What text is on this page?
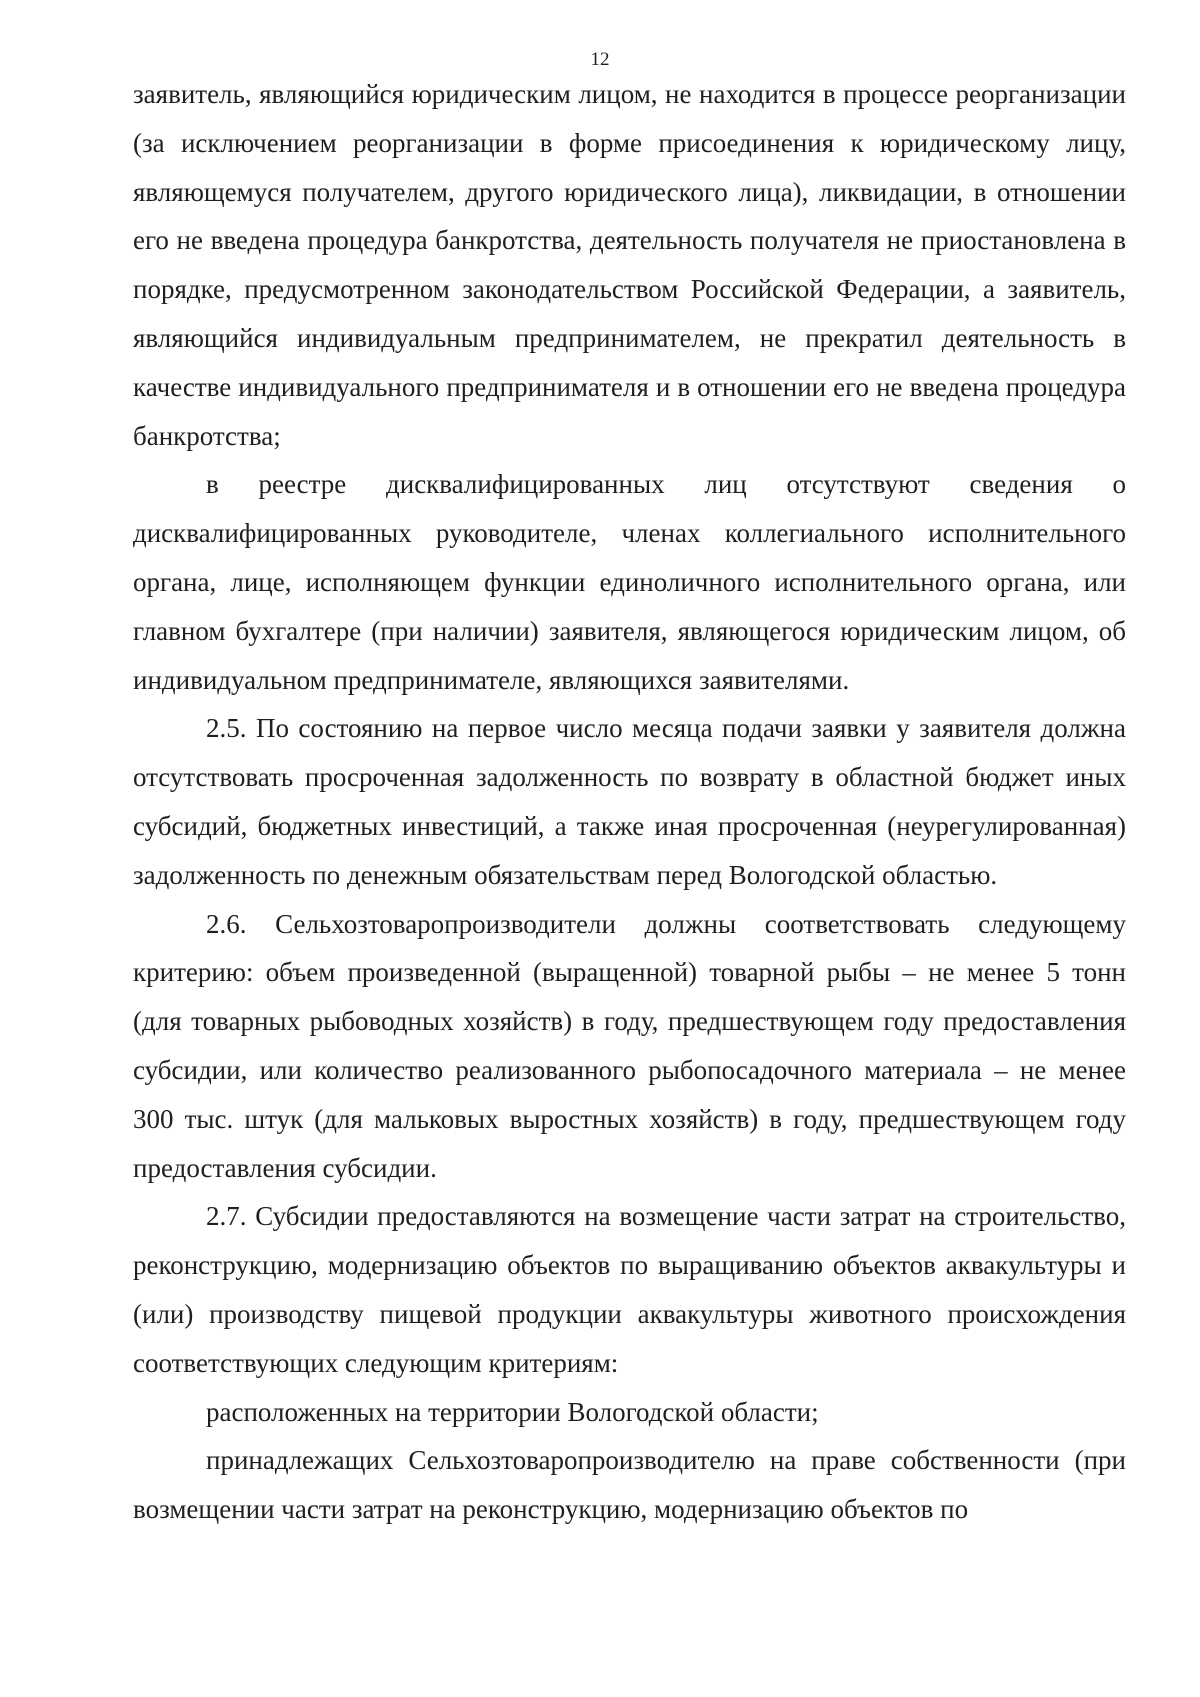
12

заявитель, являющийся юридическим лицом, не находится в процессе реорганизации (за исключением реорганизации в форме присоединения к юридическому лицу, являющемуся получателем, другого юридического лица), ликвидации, в отношении его не введена процедура банкротства, деятельность получателя не приостановлена в порядке, предусмотренном законодательством Российской Федерации, а заявитель, являющийся индивидуальным предпринимателем, не прекратил деятельность в качестве индивидуального предпринимателя и в отношении его не введена процедура банкротства;

в реестре дисквалифицированных лиц отсутствуют сведения о дисквалифицированных руководителе, членах коллегиального исполнительного органа, лице, исполняющем функции единоличного исполнительного органа, или главном бухгалтере (при наличии) заявителя, являющегося юридическим лицом, об индивидуальном предпринимателе, являющихся заявителями.

2.5. По состоянию на первое число месяца подачи заявки у заявителя должна отсутствовать просроченная задолженность по возврату в областной бюджет иных субсидий, бюджетных инвестиций, а также иная просроченная (неурегулированная) задолженность по денежным обязательствам перед Вологодской областью.

2.6. Сельхозтоваропроизводители должны соответствовать следующему критерию: объем произведенной (выращенной) товарной рыбы – не менее 5 тонн (для товарных рыбоводных хозяйств) в году, предшествующем году предоставления субсидии, или количество реализованного рыбопосадочного материала – не менее 300 тыс. штук (для мальковых выростных хозяйств) в году, предшествующем году предоставления субсидии.

2.7. Субсидии предоставляются на возмещение части затрат на строительство, реконструкцию, модернизацию объектов по выращиванию объектов аквакультуры и (или) производству пищевой продукции аквакультуры животного происхождения соответствующих следующим критериям:

расположенных на территории Вологодской области;

принадлежащих Сельхозтоваропроизводителю на праве собственности (при возмещении части затрат на реконструкцию, модернизацию объектов по
